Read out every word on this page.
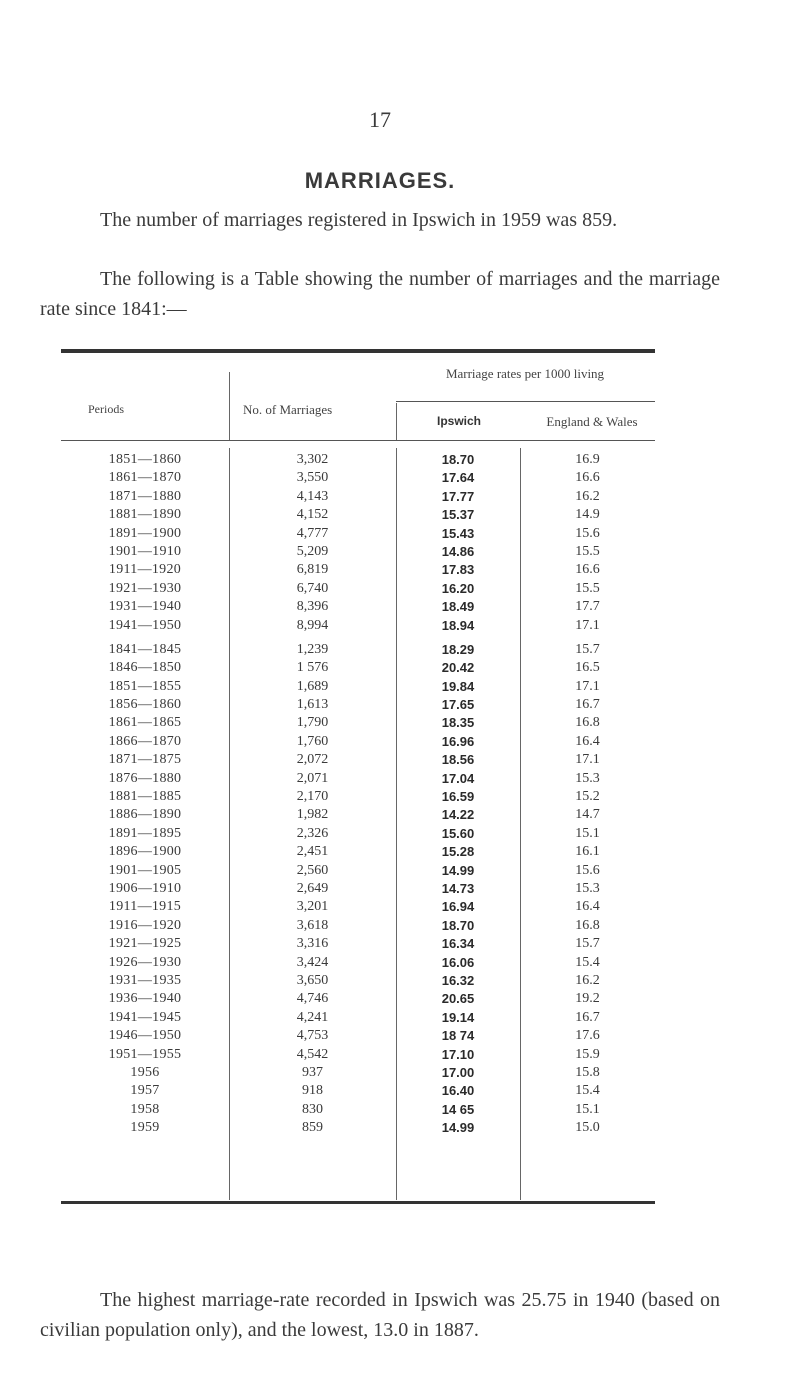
17
MARRIAGES.
The number of marriages registered in Ipswich in 1959 was 859.
The following is a Table showing the number of marriages and the marriage rate since 1841:—
Periods	No. of Marriages
Marriage rates per 1000 living
Ipswich	England & Wales
1851—1860	3,302	18.70	16.9
1861—1870	3,550	17.64	16.6
1871—1880	4,143	17.77	16.2
1881—1890	4,152	15.37	14.9
1891—1900	4,777	15.43	15.6
1901—1910	5,209	14.86	15.5
1911—1920	6,819	17.83	16.6
1921—1930	6,740	16.20	15.5
1931—1940	8,396	18.49	17.7
1941—1950	8,994	18.94	17.1
1841—1845	1,239	18.29	15.7
1846—1850	1 576	20.42	16.5
1851—1855	1,689	19.84	17.1
1856—1860	1,613	17.65	16.7
1861—1865	1,790	18.35	16.8
1866—1870	1,760	16.96	16.4
1871—1875	2,072	18.56	17.1
1876—1880	2,071	17.04	15.3
1881—1885	2,170	16.59	15.2
1886—1890	1,982	14.22	14.7
1891—1895	2,326	15.60	15.1
1896—1900	2,451	15.28	16.1
1901—1905	2,560	14.99	15.6
1906—1910	2,649	14.73	15.3
1911—1915	3,201	16.94	16.4
1916—1920	3,618	18.70	16.8
1921—1925	3,316	16.34	15.7
1926—1930	3,424	16.06	15.4
1931—1935	3,650	16.32	16.2
1936—1940	4,746	20.65	19.2
1941—1945	4,241	19.14	16.7
1946—1950	4,753	18 74	17.6
1951—1955	4,542	17.10	15.9
1956	937	17.00	15.8
1957	918	16.40	15.4
1958	830	14 65	15.1
1959	859	14.99	15.0
The highest marriage-rate recorded in Ipswich was 25.75 in 1940 (based on civilian population only), and the lowest, 13.0 in 1887.
